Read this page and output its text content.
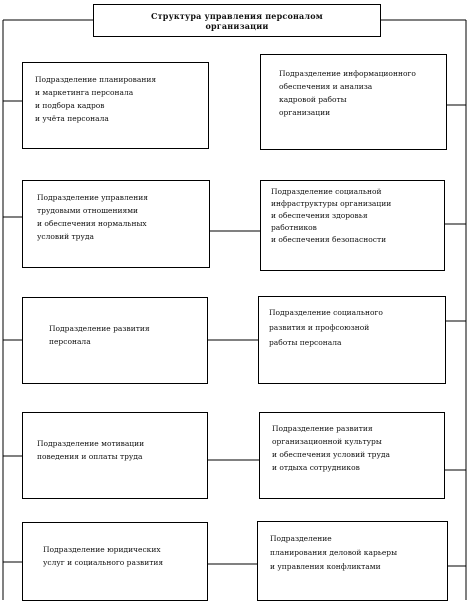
Структура управления персоналом
организации
Подразделение планирования
и маркетинга персонала
и подбора кадров
и учёта персонала
Подразделение управления
трудовыми отношениями
и обеспечения нормальных
условий труда
Подразделение развития
персонала
Подразделение мотивации
поведения и оплаты труда
Подразделение юридических
услуг и социального развития
Подразделение информационного
обеспечения и анализа
кадровой работы
организации
Подразделение социальной
инфраструктуры организации
и обеспечения здоровья
работников
и обеспечения безопасности
Подразделение социального
развития и профсоюзной
работы персонала
Подразделение развития
организационной культуры
и обеспечения условий труда
и отдыха сотрудников
Подразделение
планирования деловой карьеры
и управления конфликтами
